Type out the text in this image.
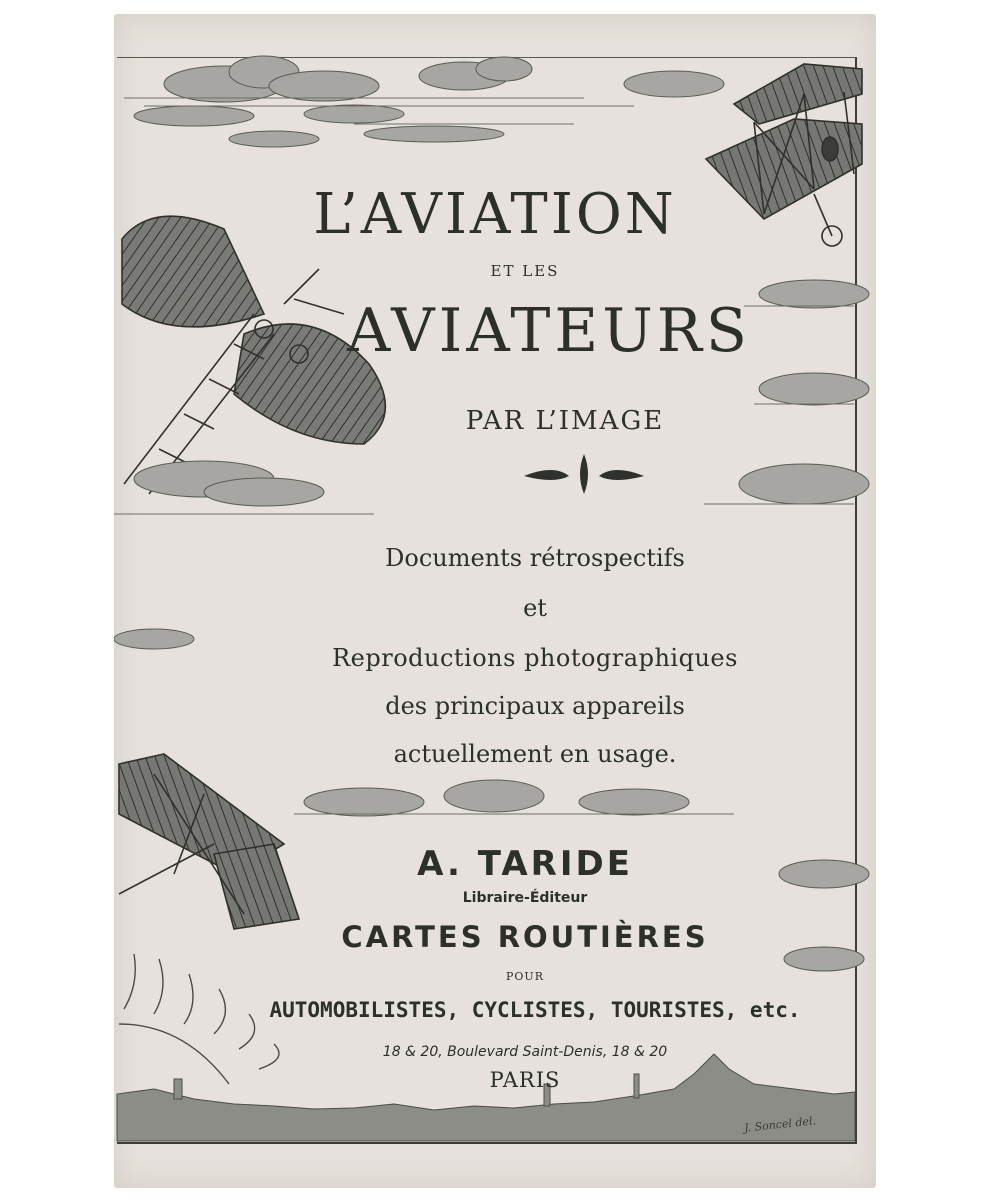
L’AVIATION
ET LES
AVIATEURS
PAR L’IMAGE
Documents rétrospectifs
et
Reproductions photographiques
des principaux appareils
actuellement en usage.
A. TARIDE
Libraire-Éditeur
CARTES ROUTIÈRES
POUR
AUTOMOBILISTES, CYCLISTES, TOURISTES, etc.
18 & 20, Boulevard Saint-Denis, 18 & 20
PARIS
J. Soncel del.
